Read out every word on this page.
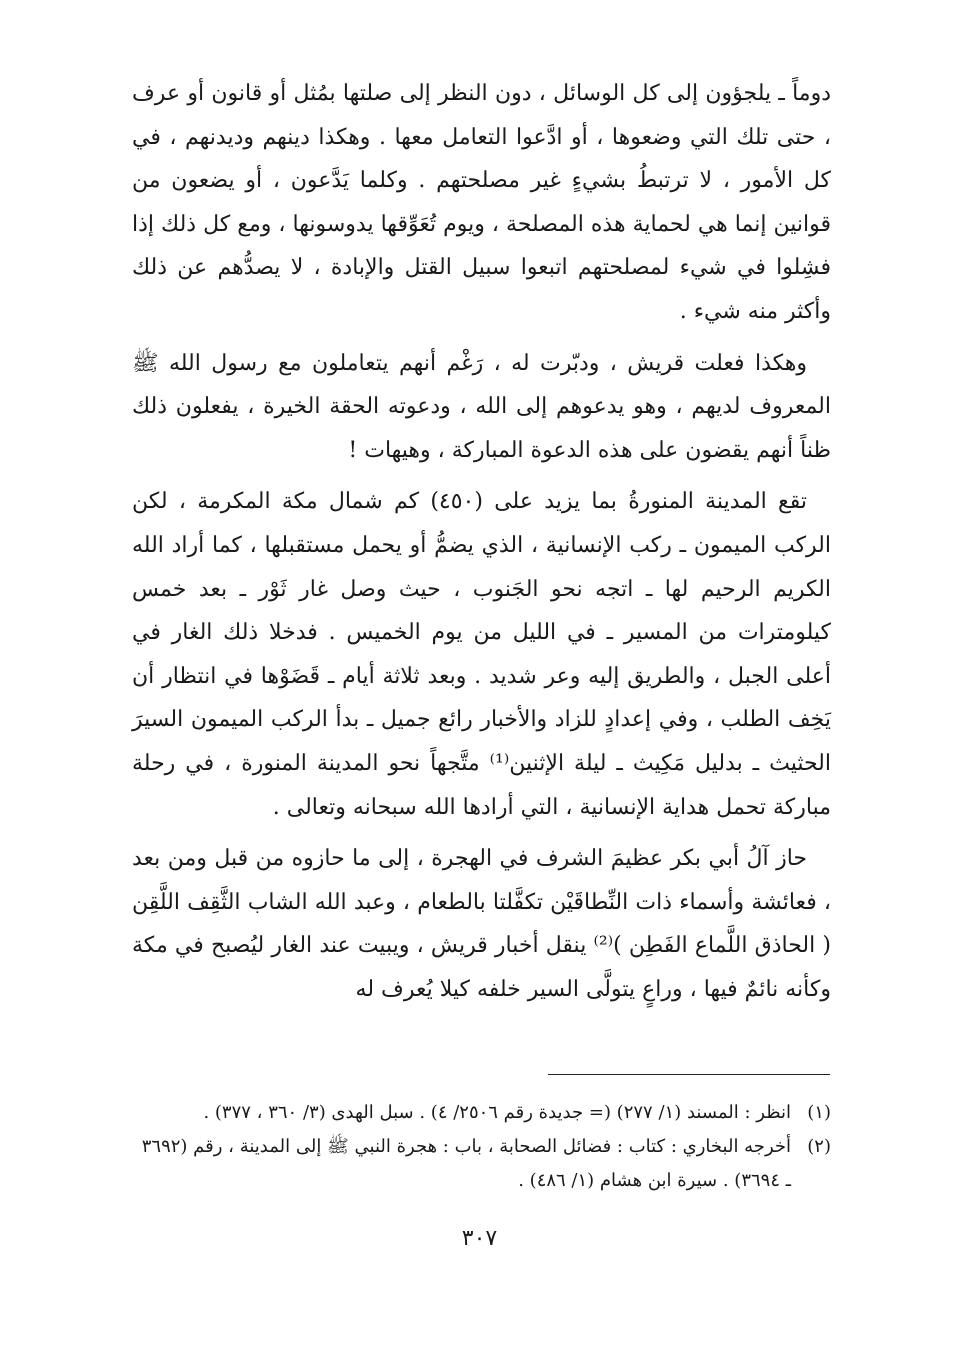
دوماً ـ يلجؤون إلى كل الوسائل ، دون النظر إلى صلتها بمُثل أو قانون أو عرف ، حتى تلك التي وضعوها ، أو ادَّعوا التعامل معها . وهكذا دينهم وديدنهم ، في كل الأمور ، لا ترتبطُ بشيءٍ غير مصلحتهم . وكلما يَدَّعون ، أو يضعون من قوانين إنما هي لحماية هذه المصلحة ، ويوم تُعَوِّقها يدوسونها ، ومع كل ذلك إذا فشِلوا في شيء لمصلحتهم اتبعوا سبيل القتل والإبادة ، لا يصدُّهم عن ذلك وأكثر منه شيء .

وهكذا فعلت قريش ، ودبّرت له ، رَغْم أنهم يتعاملون مع رسول الله ﷺ المعروف لديهم ، وهو يدعوهم إلى الله ، ودعوته الحقة الخيرة ، يفعلون ذلك ظناً أنهم يقضون على هذه الدعوة المباركة ، وهيهات !

تقع المدينة المنورةُ بما يزيد على (٤٥٠) كم شمال مكة المكرمة ، لكن الركب الميمون ـ ركب الإنسانية ، الذي يضمُّ أو يحمل مستقبلها ، كما أراد الله الكريم الرحيم لها ـ اتجه نحو الجَنوب ، حيث وصل غار ثَوْر ـ بعد خمس كيلومترات من المسير ـ في الليل من يوم الخميس . فدخلا ذلك الغار في أعلى الجبل ، والطريق إليه وعر شديد . وبعد ثلاثة أيام ـ قَضَوْها في انتظار أن يَخِف الطلب ، وفي إعدادٍ للزاد والأخبار رائع جميل ـ بدأ الركب الميمون السيرَ الحثيث ـ بدليل مَكِيث ـ ليلة الإثنين⁽¹⁾ متَّجهاً نحو المدينة المنورة ، في رحلة مباركة تحمل هداية الإنسانية ، التي أرادها الله سبحانه وتعالى .

حاز آلُ أبي بكر عظيمَ الشرف في الهجرة ، إلى ما حازوه من قبل ومن بعد ، فعائشة وأسماء ذات النِّطاقَيْن تكفَّلتا بالطعام ، وعبد الله الشاب الثَّقِف اللَّقِن ( الحاذق اللَّماع الفَطِن )⁽²⁾ ينقل أخبار قريش ، ويبيت عند الغار ليُصبح في مكة وكأنه نائمٌ فيها ، وراعٍ يتولَّى السير خلفه كيلا يُعرف له

(١)
انظر : المسند (١/ ٢٧٧) (= جديدة رقم ٢٥٠٦/ ٤) . سبل الهدى (٣/ ٣٦٠ ، ٣٧٧) .
(٢)
أخرجه البخاري : كتاب : فضائل الصحابة ، باب : هجرة النبي ﷺ إلى المدينة ، رقم (٣٦٩٢ ـ ٣٦٩٤) . سيرة ابن هشام (١/ ٤٨٦) .
٣٠٧
